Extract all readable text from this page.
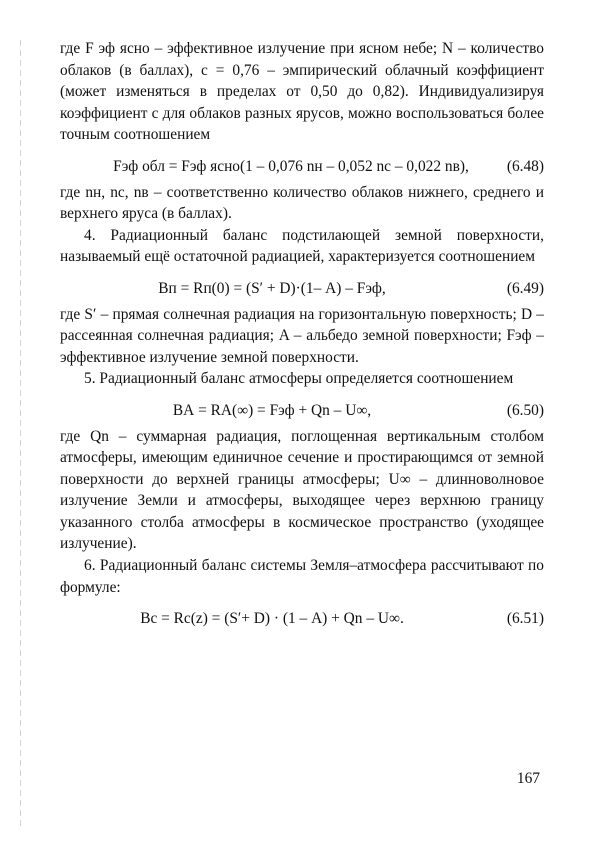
где F эф ясно – эффективное излучение при ясном небе; N – количество облаков (в баллах), c = 0,76 – эмпирический облачный коэффициент (может изменяться в пределах от 0,50 до 0,82). Индивидуализируя коэффициент c для облаков разных ярусов, можно воспользоваться более точным соотношением

Fэф обл = Fэф ясно(1 – 0,076 nн – 0,052 nс – 0,022 nв),	(6.48)

где nн, nс, nв – соответственно количество облаков нижнего, среднего и верхнего яруса (в баллах).

4. Радиационный баланс подстилающей земной поверхности, называемый ещё остаточной радиацией, характеризуется соотношением

Bп = Rп(0) = (S′ + D)·(1– A) – Fэф,	(6.49)

где S′ – прямая солнечная радиация на горизонтальную поверхность; D – рассеянная солнечная радиация; A – альбедо земной поверхности; Fэф – эффективное излучение земной поверхности.

5. Радиационный баланс атмосферы определяется соотношением

BА = RА(∞) = Fэф + Qn – U∞,	(6.50)

где Qn – суммарная радиация, поглощенная вертикальным столбом атмосферы, имеющим единичное сечение и простирающимся от земной поверхности до верхней границы атмосферы; U∞ – длинноволновое излучение Земли и атмосферы, выходящее через верхнюю границу указанного столба атмосферы в космическое пространство (уходящее излучение).

6. Радиационный баланс системы Земля–атмосфера рассчитывают по формуле:

Bс = Rс(z) = (S′+ D) · (1 – A) + Qn – U∞.	(6.51)
167
